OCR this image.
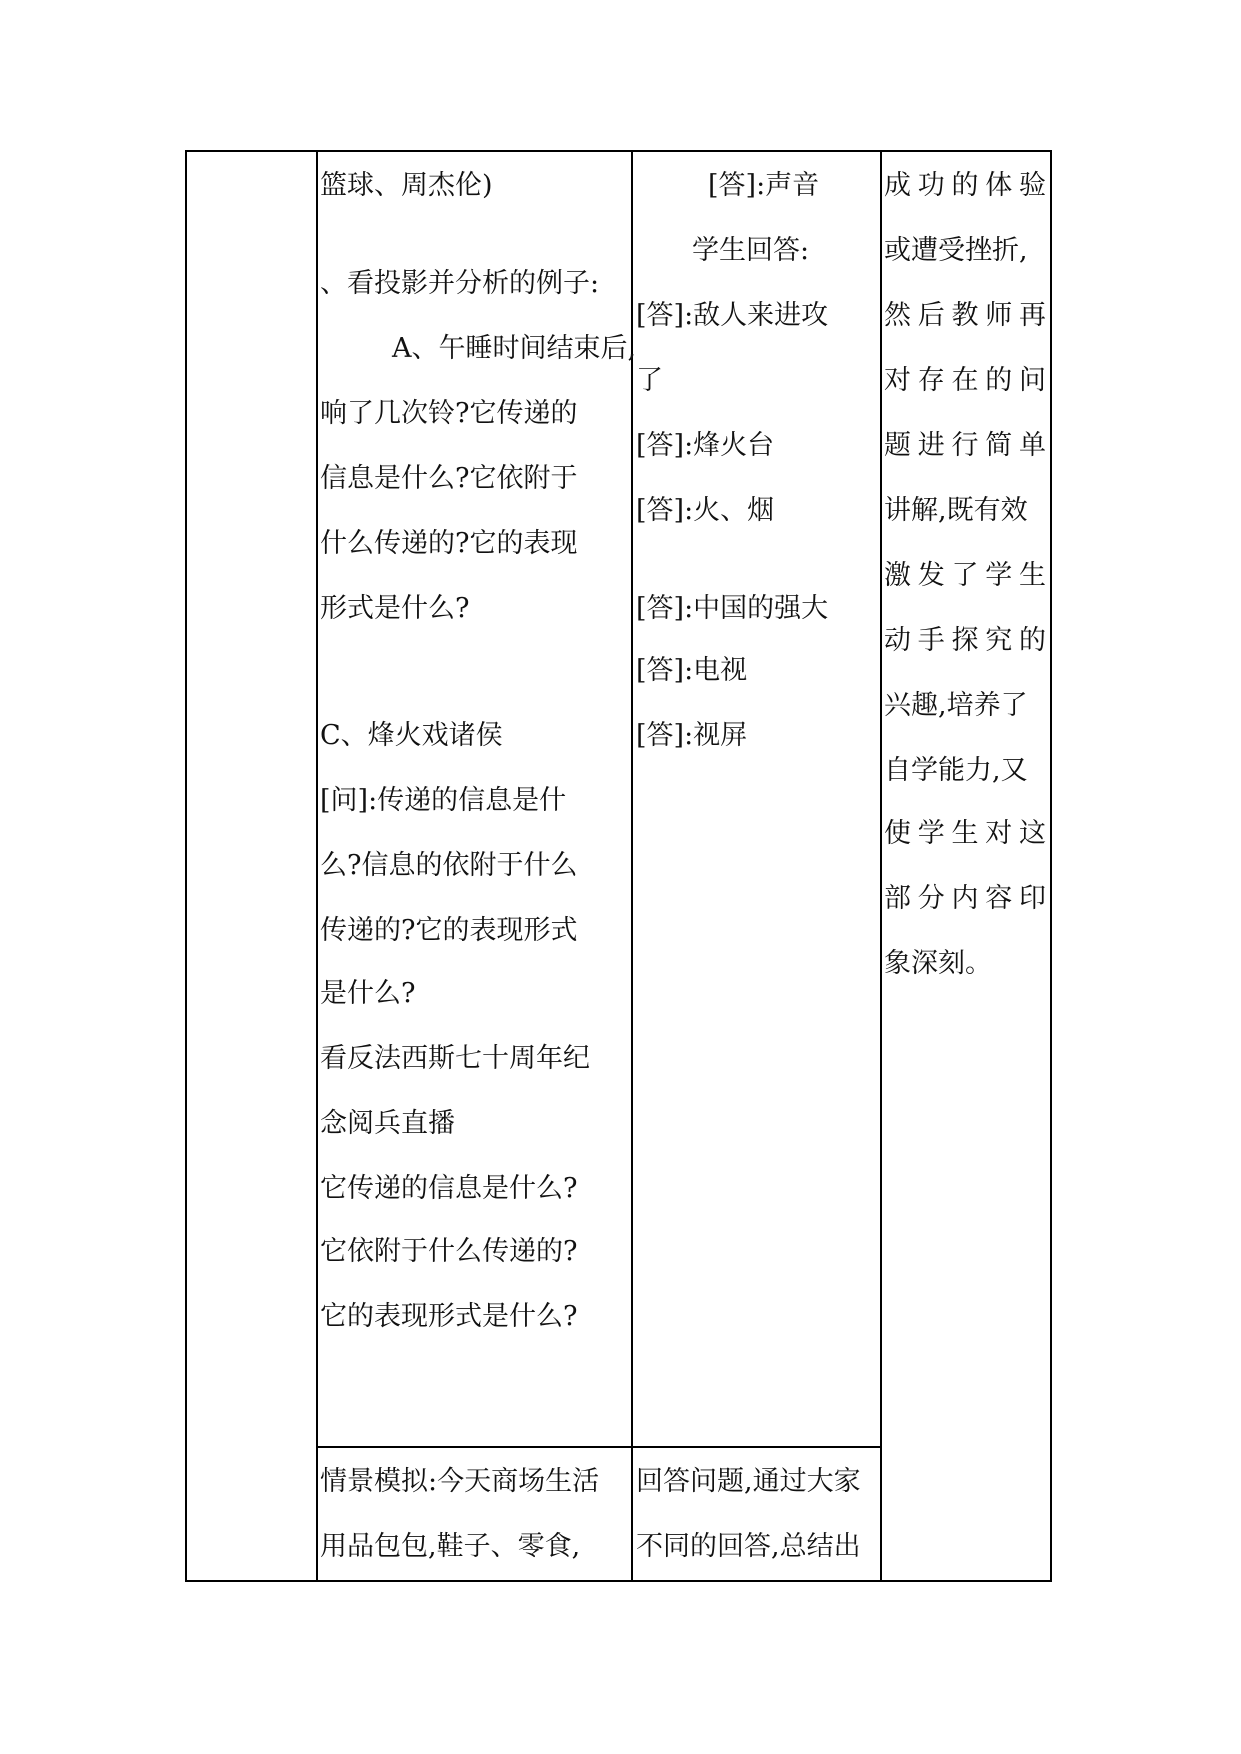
篮球、周杰伦)
、看投影并分析的例子:
A、午睡时间结束后,
响了几次铃?它传递的
信息是什么?它依附于
什么传递的?它的表现
形式是什么?
C、烽火戏诸侯
[问]:传递的信息是什
么?信息的依附于什么
传递的?它的表现形式
是什么?
看反法西斯七十周年纪
念阅兵直播
它传递的信息是什么?
它依附于什么传递的?
它的表现形式是什么?
情景模拟:今天商场生活
用品包包,鞋子、零食,
[答]:声音
学生回答:
[答]:敌人来进攻
了
[答]:烽火台
[答]:火、烟
[答]:中国的强大
[答]:电视
[答]:视屏
回答问题,通过大家
不同的回答,总结出
成 功 的 体 验
或遭受挫折,
然 后 教 师 再
对 存 在 的 问
题 进 行 简 单
讲解,既有效
激 发 了 学 生
动 手 探 究 的
兴趣,培养了
自学能力,又
使 学 生 对 这
部 分 内 容 印
象深刻。
